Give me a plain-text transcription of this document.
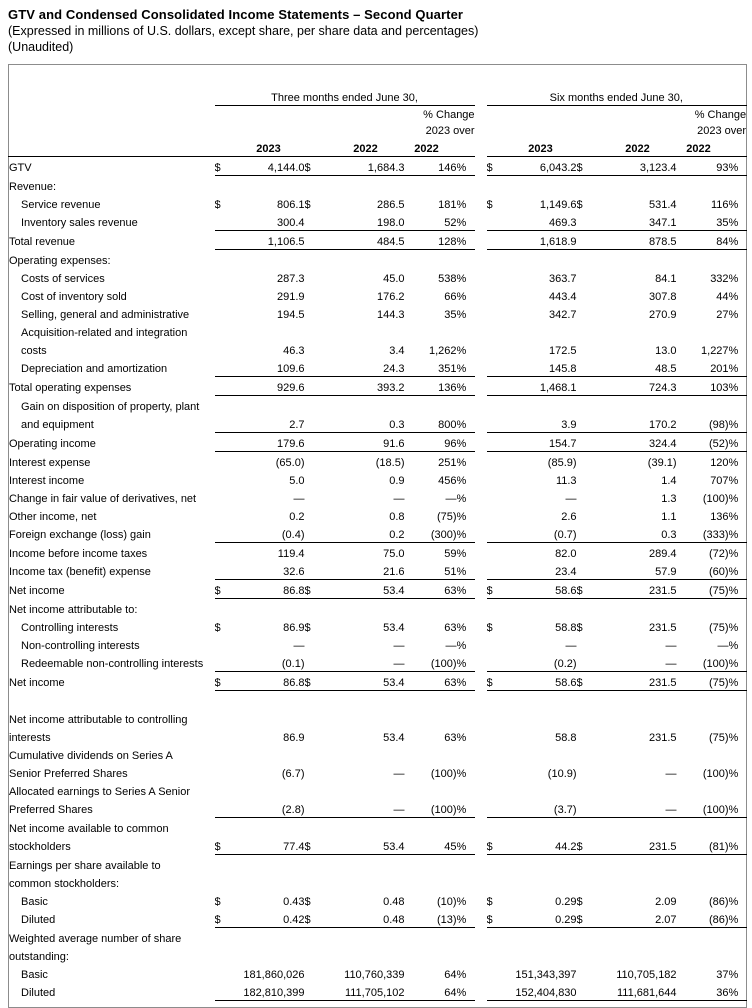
GTV and Condensed Consolidated Income Statements – Second Quarter
(Expressed in millions of U.S. dollars, except share, per share data and percentages)
(Unaudited)
	Three months ended June 30,							Six months ended June 30,					
					% Change							% Change	
					2023 over							2023 over	
		2023		2022	2022				2023		2022	2022	
GTV	$	4,144.0	$	1,684.3	146	%		$	6,043.2	$	3,123.4	93	%
Revenue:													
Service revenue	$	806.1	$	286.5	181	%		$	1,149.6	$	531.4	116	%
Inventory sales revenue		300.4		198.0	52	%			469.3		347.1	35	%
Total revenue		1,106.5		484.5	128	%			1,618.9		878.5	84	%
Operating expenses:													
Costs of services		287.3		45.0	538	%			363.7		84.1	332	%
Cost of inventory sold		291.9		176.2	66	%			443.4		307.8	44	%
Selling, general and administrative		194.5		144.3	35	%			342.7		270.9	27	%
Acquisition-related and integration													
costs		46.3		3.4	1,262	%			172.5		13.0	1,227	%
Depreciation and amortization		109.6		24.3	351	%			145.8		48.5	201	%
Total operating expenses		929.6		393.2	136	%			1,468.1		724.3	103	%
Gain on disposition of property, plant													
and equipment		2.7		0.3	800	%			3.9		170.2	(98)	%
Operating income		179.6		91.6	96	%			154.7		324.4	(52)	%
Interest expense		(65.0)		(18.5)	251	%			(85.9)		(39.1)	120	%
Interest income		5.0		0.9	456	%			11.3		1.4	707	%
Change in fair value of derivatives, net		—		—	—	%			—		1.3	(100)	%
Other income, net		0.2		0.8	(75)	%			2.6		1.1	136	%
Foreign exchange (loss) gain		(0.4)		0.2	(300)	%			(0.7)		0.3	(333)	%
Income before income taxes		119.4		75.0	59	%			82.0		289.4	(72)	%
Income tax (benefit) expense		32.6		21.6	51	%			23.4		57.9	(60)	%
Net income	$	86.8	$	53.4	63	%		$	58.6	$	231.5	(75)	%
Net income attributable to:													
Controlling interests	$	86.9	$	53.4	63	%		$	58.8	$	231.5	(75)	%
Non-controlling interests		—		—	—	%			—		—	—	%
Redeemable non-controlling interests		(0.1)		—	(100)	%			(0.2)		—	(100)	%
Net income	$	86.8	$	53.4	63	%		$	58.6	$	231.5	(75)	%

Net income attributable to controlling													
interests		86.9		53.4	63	%			58.8		231.5	(75)	%
Cumulative dividends on Series A													
Senior Preferred Shares		(6.7)		—	(100)	%			(10.9)		—	(100)	%
Allocated earnings to Series A Senior													
Preferred Shares		(2.8)		—	(100)	%			(3.7)		—	(100)	%
Net income available to common													
stockholders	$	77.4	$	53.4	45	%		$	44.2	$	231.5	(81)	%
Earnings per share available to													
common stockholders:													
Basic	$	0.43	$	0.48	(10)	%		$	0.29	$	2.09	(86)	%
Diluted	$	0.42	$	0.48	(13)	%		$	0.29	$	2.07	(86)	%
Weighted average number of share													
outstanding:													
Basic		181,860,026		110,760,339	64	%			151,343,397		110,705,182	37	%
Diluted		182,810,399		111,705,102	64	%			152,404,830		111,681,644	36	%
